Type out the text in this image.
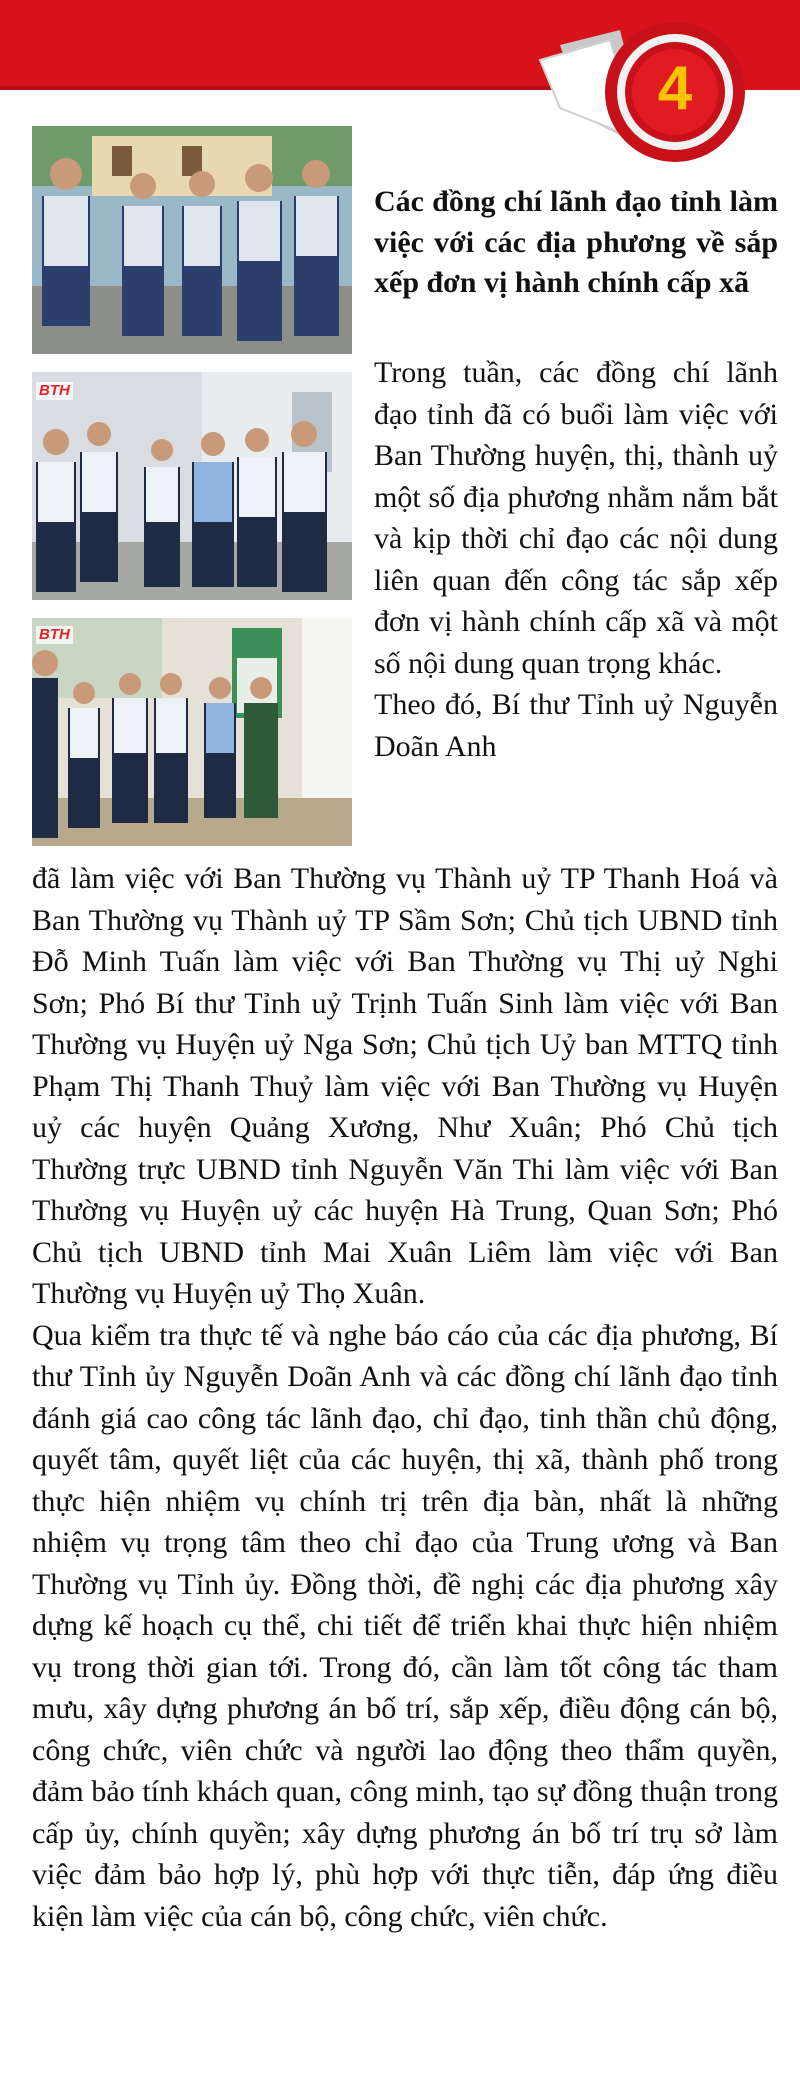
4
BTH
BTH
Các đồng chí lãnh đạo tỉnh làm việc với các địa phương về sắp xếp đơn vị hành chính cấp xã

Trong tuần, các đồng chí lãnh đạo tỉnh đã có buổi làm việc với Ban Thường huyện, thị, thành uỷ một số địa phương nhằm nắm bắt và kịp thời chỉ đạo các nội dung liên quan đến công tác sắp xếp đơn vị hành chính cấp xã và một số nội dung quan trọng khác.

Theo đó, Bí thư Tỉnh uỷ Nguyễn Doãn Anh

đã làm việc với Ban Thường vụ Thành uỷ TP Thanh Hoá và Ban Thường vụ Thành uỷ TP Sầm Sơn; Chủ tịch UBND tỉnh Đỗ Minh Tuấn làm việc với Ban Thường vụ Thị uỷ Nghi Sơn; Phó Bí thư Tỉnh uỷ Trịnh Tuấn Sinh làm việc với Ban Thường vụ Huyện uỷ Nga Sơn; Chủ tịch Uỷ ban MTTQ tỉnh Phạm Thị Thanh Thuỷ làm việc với Ban Thường vụ Huyện uỷ các huyện Quảng Xương, Như Xuân; Phó Chủ tịch Thường trực UBND tỉnh Nguyễn Văn Thi làm việc với Ban Thường vụ Huyện uỷ các huyện Hà Trung, Quan Sơn; Phó Chủ tịch UBND tỉnh Mai Xuân Liêm làm việc với Ban Thường vụ Huyện uỷ Thọ Xuân.

Qua kiểm tra thực tế và nghe báo cáo của các địa phương, Bí thư Tỉnh ủy Nguyễn Doãn Anh và các đồng chí lãnh đạo tỉnh đánh giá cao công tác lãnh đạo, chỉ đạo, tinh thần chủ động, quyết tâm, quyết liệt của các huyện, thị xã, thành phố trong thực hiện nhiệm vụ chính trị trên địa bàn, nhất là những nhiệm vụ trọng tâm theo chỉ đạo của Trung ương và Ban Thường vụ Tỉnh ủy. Đồng thời, đề nghị các địa phương xây dựng kế hoạch cụ thể, chi tiết để triển khai thực hiện nhiệm vụ trong thời gian tới. Trong đó, cần làm tốt công tác tham mưu, xây dựng phương án bố trí, sắp xếp, điều động cán bộ, công chức, viên chức và người lao động theo thẩm quyền, đảm bảo tính khách quan, công minh, tạo sự đồng thuận trong cấp ủy, chính quyền; xây dựng phương án bố trí trụ sở làm việc đảm bảo hợp lý, phù hợp với thực tiễn, đáp ứng điều kiện làm việc của cán bộ, công chức, viên chức.
